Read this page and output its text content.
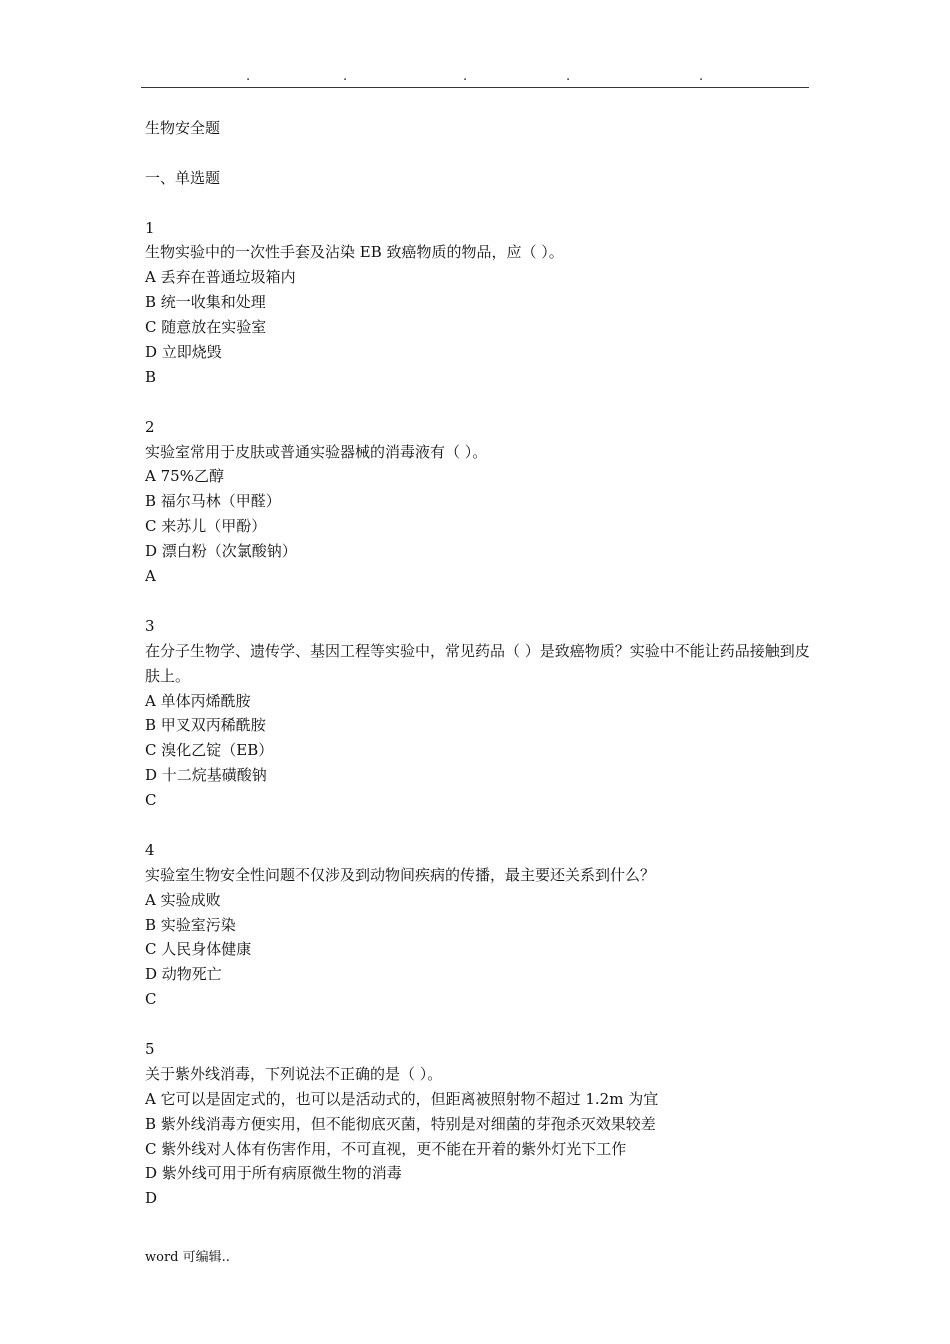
.	.	.	.	.
生物安全题
一、单选题
1
生物实验中的一次性手套及沾染 EB 致癌物质的物品，应（ ）。
A 丢弃在普通垃圾箱内
B 统一收集和处理
C 随意放在实验室
D 立即烧毁
B
2
实验室常用于皮肤或普通实验器械的消毒液有（ ）。
A 75%乙醇
B 福尔马林（甲醛）
C 来苏儿（甲酚）
D 漂白粉（次氯酸钠）
A
3
在分子生物学、遗传学、基因工程等实验中，常见药品（ ）是致癌物质？实验中不能让药品接触到皮肤上。
A 单体丙烯酰胺
B 甲叉双丙稀酰胺
C 溴化乙锭（EB）
D 十二烷基磺酸钠
C
4
实验室生物安全性问题不仅涉及到动物间疾病的传播，最主要还关系到什么？
A 实验成败
B 实验室污染
C 人民身体健康
D 动物死亡
C
5
关于紫外线消毒，下列说法不正确的是（ ）。
A 它可以是固定式的，也可以是活动式的，但距离被照射物不超过 1.2m 为宜
B 紫外线消毒方便实用，但不能彻底灭菌，特别是对细菌的芽孢杀灭效果较差
C 紫外线对人体有伤害作用，不可直视，更不能在开着的紫外灯光下工作
D 紫外线可用于所有病原微生物的消毒
D
word 可编辑..
